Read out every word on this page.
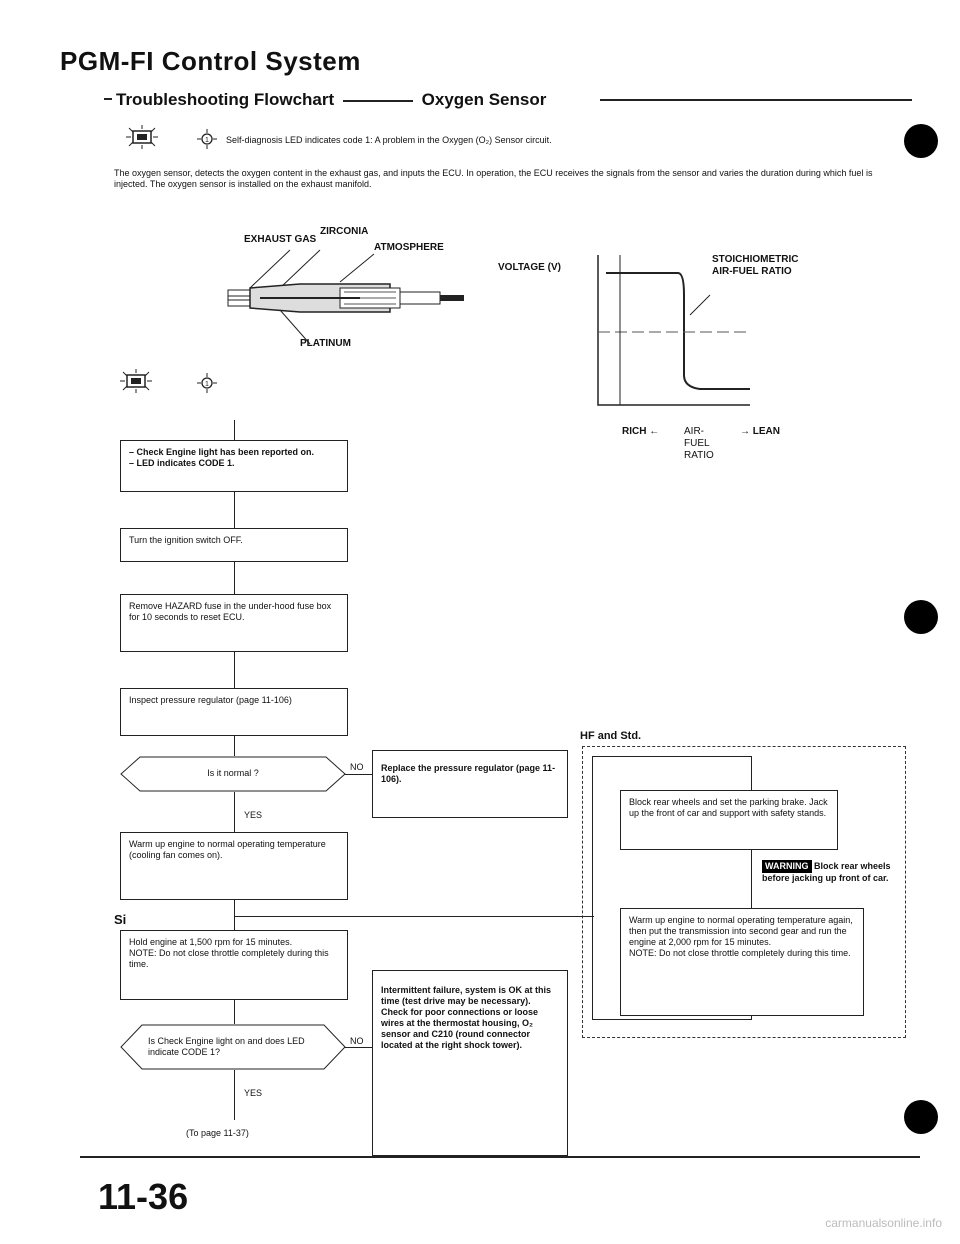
PGM-FI Control System
Troubleshooting Flowchart	Oxygen Sensor
1 Self-diagnosis LED indicates code 1: A problem in the Oxygen (O₂) Sensor circuit.
The oxygen sensor, detects the oxygen content in the exhaust gas, and inputs the ECU. In operation, the ECU receives the signals from the sensor and varies the duration during which fuel is injected. The oxygen sensor is installed on the exhaust manifold.
EXHAUST GAS
ZIRCONIA
ATMOSPHERE
PLATINUM
VOLTAGE (V)
STOICHIOMETRIC
AIR-FUEL RATIO
RICH ← AIR-
FUEL
RATIO
→ LEAN
1
– Check Engine light has been reported on.
– LED indicates CODE 1.
Turn the ignition switch OFF.
Remove HAZARD fuse in the under-hood fuse box for 10 seconds to reset ECU.
Inspect pressure regulator (page 11-106)
Is it normal ?
NO	Replace the pressure regulator (page 11-106).
YES
Warm up engine to normal operating temperature (cooling fan comes on).
Si
Hold engine at 1,500 rpm for 15 minutes.
NOTE: Do not close throttle completely during this time.
Is Check Engine light on and does LED indicate CODE 1?
NO
YES
(To page 11-37)
Intermittent failure, system is OK at this time (test drive may be necessary). Check for poor connections or loose wires at the thermostat housing, O₂ sensor and C210 (round connector located at the right shock tower).
HF and Std.
Block rear wheels and set the parking brake. Jack up the front of car and support with safety stands.
WARNING Block rear wheels before jacking up front of car.
Warm up engine to normal operating temperature again, then put the transmission into second gear and run the engine at 2,000 rpm for 15 minutes.
NOTE: Do not close throttle completely during this time.
11-36
carmanualsonline.info
